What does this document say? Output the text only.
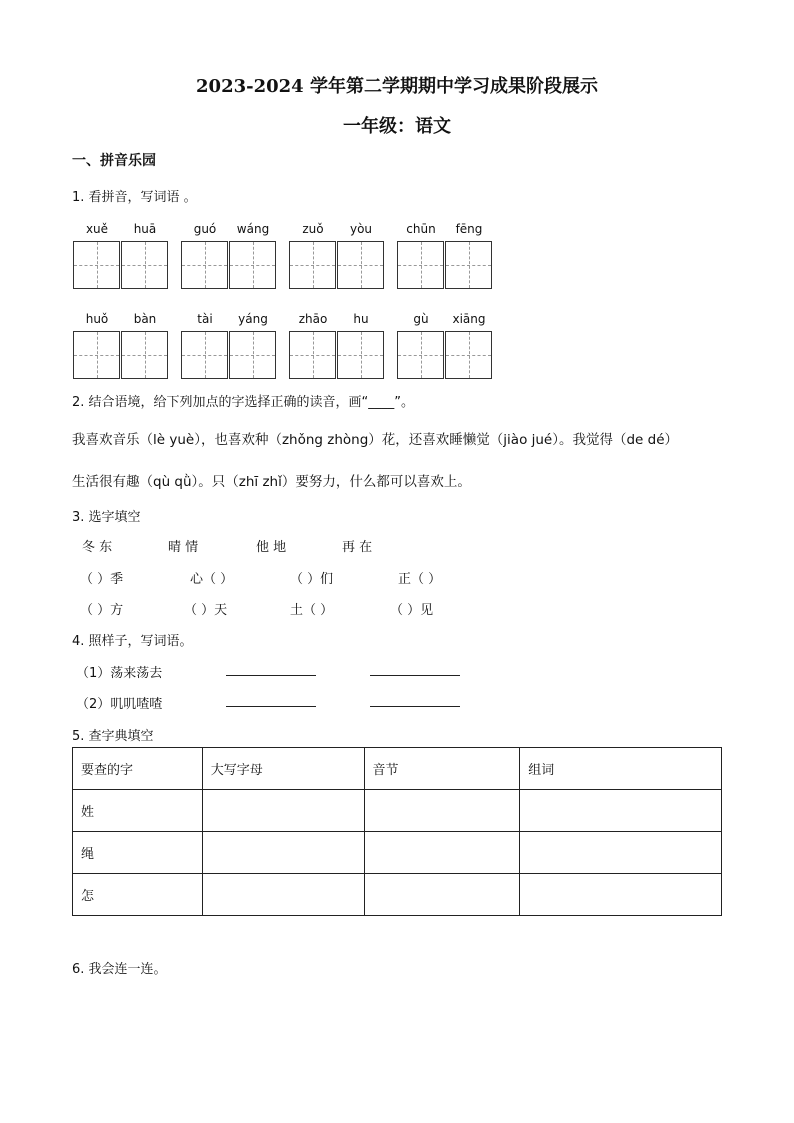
2023-2024 学年第二学期期中学习成果阶段展示
一年级：语文
一、拼音乐园
1. 看拼音，写词语 。
xuě	huā	guó	wáng	zuǒ	yòu	chūn	fēng
huǒ	bàn	tài	yáng	zhāo	hu	gù	xiāng
2. 结合语境，给下列加点的字选择正确的读音，画“____”。
我喜欢音乐（lè yuè），也喜欢种（zhǒng zhòng）花，还喜欢睡懒觉（jiào jué）。我觉得（de dé）
生活很有趣（qù qǜ）。只（zhī zhǐ）要努力，什么都可以喜欢上。
3. 选字填空
冬 东	晴 情	他 地	再 在
（ ）季	心（ ）	（ ）们	正（ ）
（ ）方	（ ）天	土（ ）	（ ）见
4. 照样子，写词语。
（1）荡来荡去
（2）叽叽喳喳
5. 查字典填空
要查的字	大写字母	音节	组词
姓			
绳			
怎			
6. 我会连一连。
